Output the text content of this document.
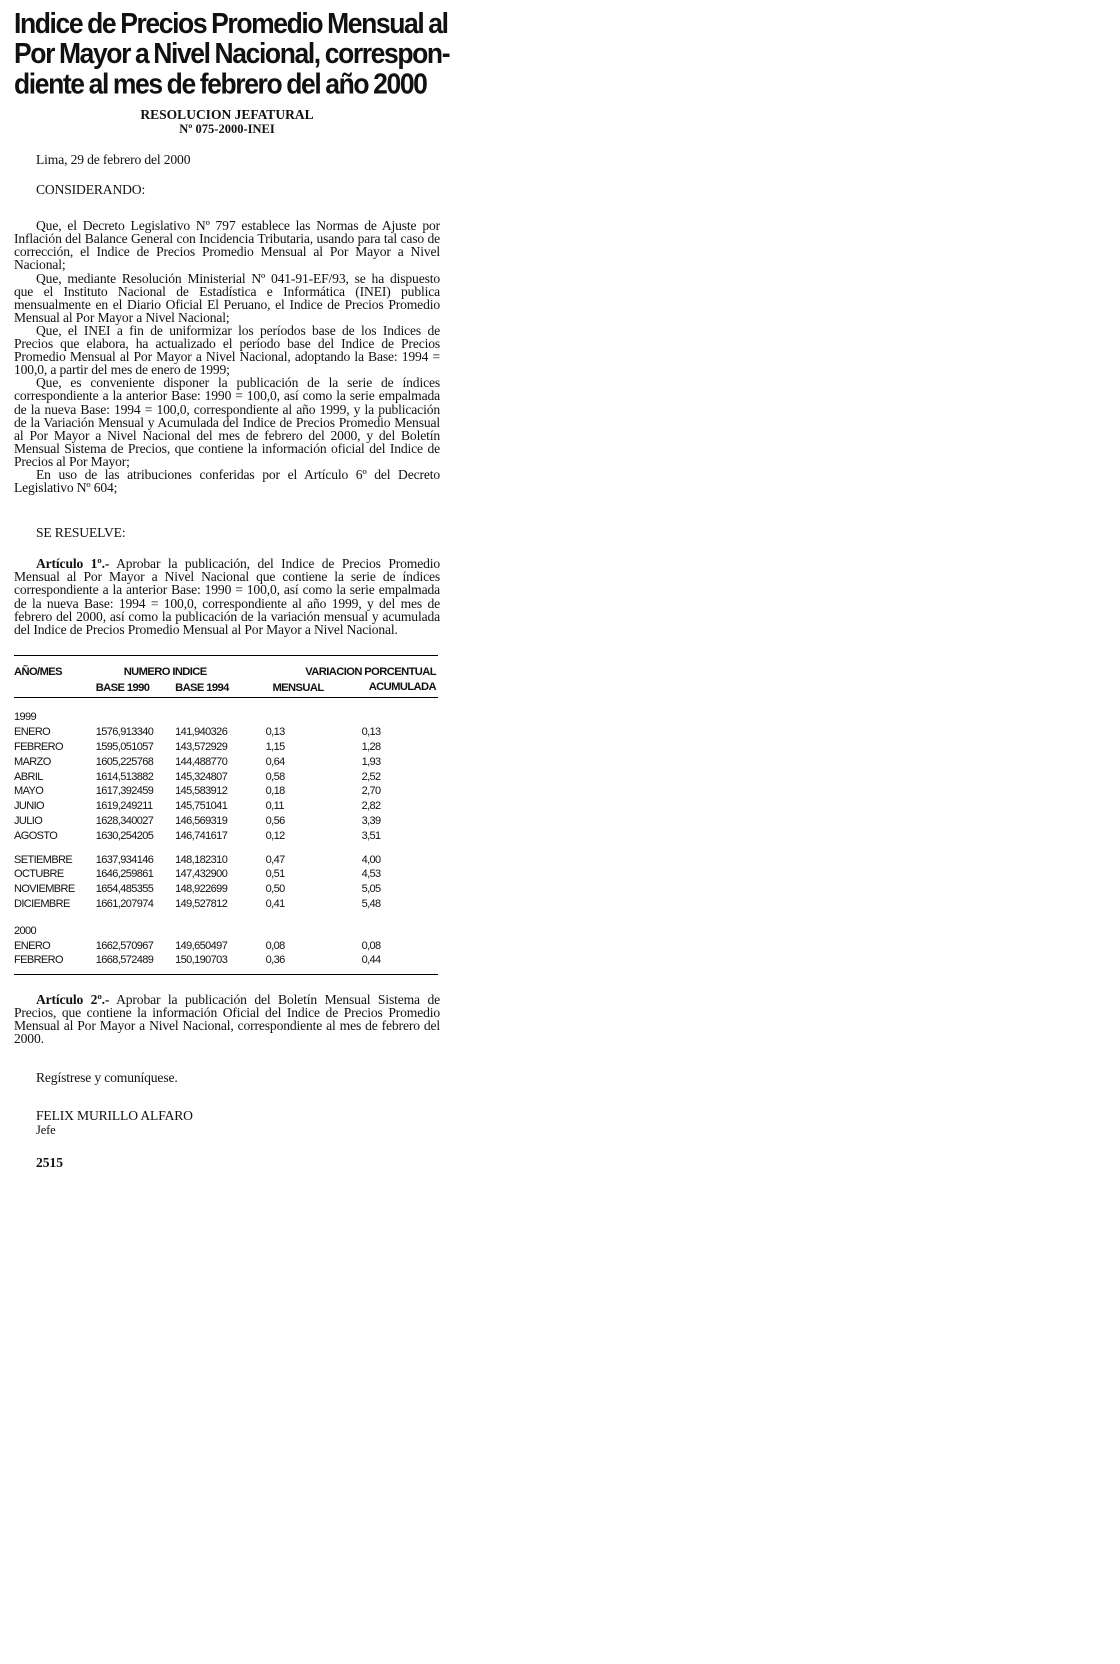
Indice de Precios Promedio Mensual al
Por Mayor a Nivel Nacional, correspon-
diente al mes de febrero del año 2000
RESOLUCION JEFATURAL
Nº 075-2000-INEI
Lima, 29 de febrero del 2000
CONSIDERANDO:

Que, el Decreto Legislativo Nº 797 establece las Normas de Ajuste por Inflación del Balance General con Incidencia Tributaria, usando para tal caso de corrección, el Indice de Precios Promedio Mensual al Por Mayor a Nivel Nacional;

Que, mediante Resolución Ministerial Nº 041-91-EF/93, se ha dispuesto que el Instituto Nacional de Estadística e Informática (INEI) publica mensualmente en el Diario Oficial El Peruano, el Indice de Precios Promedio Mensual al Por Mayor a Nivel Nacional;

Que, el INEI a fin de uniformizar los períodos base de los Indices de Precios que elabora, ha actualizado el período base del Indice de Precios Promedio Mensual al Por Mayor a Nivel Nacional, adoptando la Base: 1994 = 100,0, a partir del mes de enero de 1999;

Que, es conveniente disponer la publicación de la serie de índices correspondiente a la anterior Base: 1990 = 100,0, así como la serie empalmada de la nueva Base: 1994 = 100,0, correspondiente al año 1999, y la publicación de la Variación Mensual y Acumulada del Indice de Precios Promedio Mensual al Por Mayor a Nivel Nacional del mes de febrero del 2000, y del Boletín Mensual Sistema de Precios, que contiene la información oficial del Indice de Precios al Por Mayor;

En uso de las atribuciones conferidas por el Artículo 6º del Decreto Legislativo Nº 604;

SE RESUELVE:

Artículo 1º.- Aprobar la publicación, del Indice de Precios Promedio Mensual al Por Mayor a Nivel Nacional que contiene la serie de índices correspondiente a la anterior Base: 1990 = 100,0, así como la serie empalmada de la nueva Base: 1994 = 100,0, correspondiente al año 1999, y del mes de febrero del 2000, así como la publicación de la variación mensual y acumulada del Indice de Precios Promedio Mensual al Por Mayor a Nivel Nacional.

AÑO/MES	NUMERO INDICE		VARIACION PORCENTUAL	
	BASE 1990	BASE 1994	MENSUAL	ACUMULADA
1999				
ENERO	1576,913340	141,940326	0,13	0,13
FEBRERO	1595,051057	143,572929	1,15	1,28
MARZO	1605,225768	144,488770	0,64	1,93
ABRIL	1614,513882	145,324807	0,58	2,52
MAYO	1617,392459	145,583912	0,18	2,70
JUNIO	1619,249211	145,751041	0,11	2,82
JULIO	1628,340027	146,569319	0,56	3,39
AGOSTO	1630,254205	146,741617	0,12	3,51
SETIEMBRE	1637,934146	148,182310	0,47	4,00
OCTUBRE	1646,259861	147,432900	0,51	4,53
NOVIEMBRE	1654,485355	148,922699	0,50	5,05
DICIEMBRE	1661,207974	149,527812	0,41	5,48
2000				
ENERO	1662,570967	149,650497	0,08	0,08
FEBRERO	1668,572489	150,190703	0,36	0,44

Artículo 2º.- Aprobar la publicación del Boletín Mensual Sistema de Precios, que contiene la información Oficial del Indice de Precios Promedio Mensual al Por Mayor a Nivel Nacional, correspondiente al mes de febrero del 2000.

Regístrese y comuníquese.
FELIX MURILLO ALFARO
Jefe
2515
